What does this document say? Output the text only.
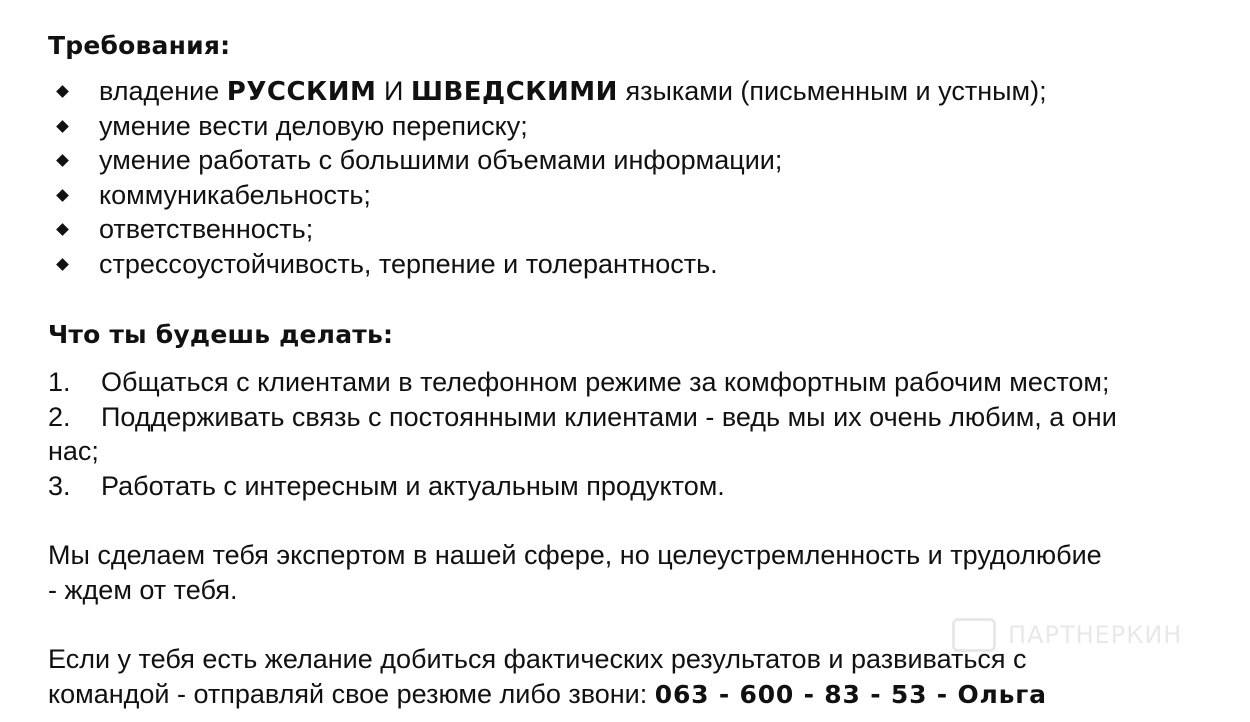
Требования:
владение РУССКИМ И ШВЕДСКИМИ языками (письменным и устным);
умение вести деловую переписку;
умение работать с большими объемами информации;
коммуникабельность;
ответственность;
стрессоустойчивость, терпение и толерантность.
Что ты будешь делать:
1. Общаться с клиентами в телефонном режиме за комфортным рабочим местом;
2. Поддерживать связь с постоянными клиентами - ведь мы их очень любим, а они
нас;
3. Работать с интересным и актуальным продуктом.

Мы сделаем тебя экспертом в нашей сфере, но целеустремленность и трудолюбие
- ждем от тебя.

Если у тебя есть желание добиться фактических результатов и развиваться с
командой - отправляй свое резюме либо звони: 063 - 600 - 83 - 53 - Ольга

ПАРТНЕРКИН
